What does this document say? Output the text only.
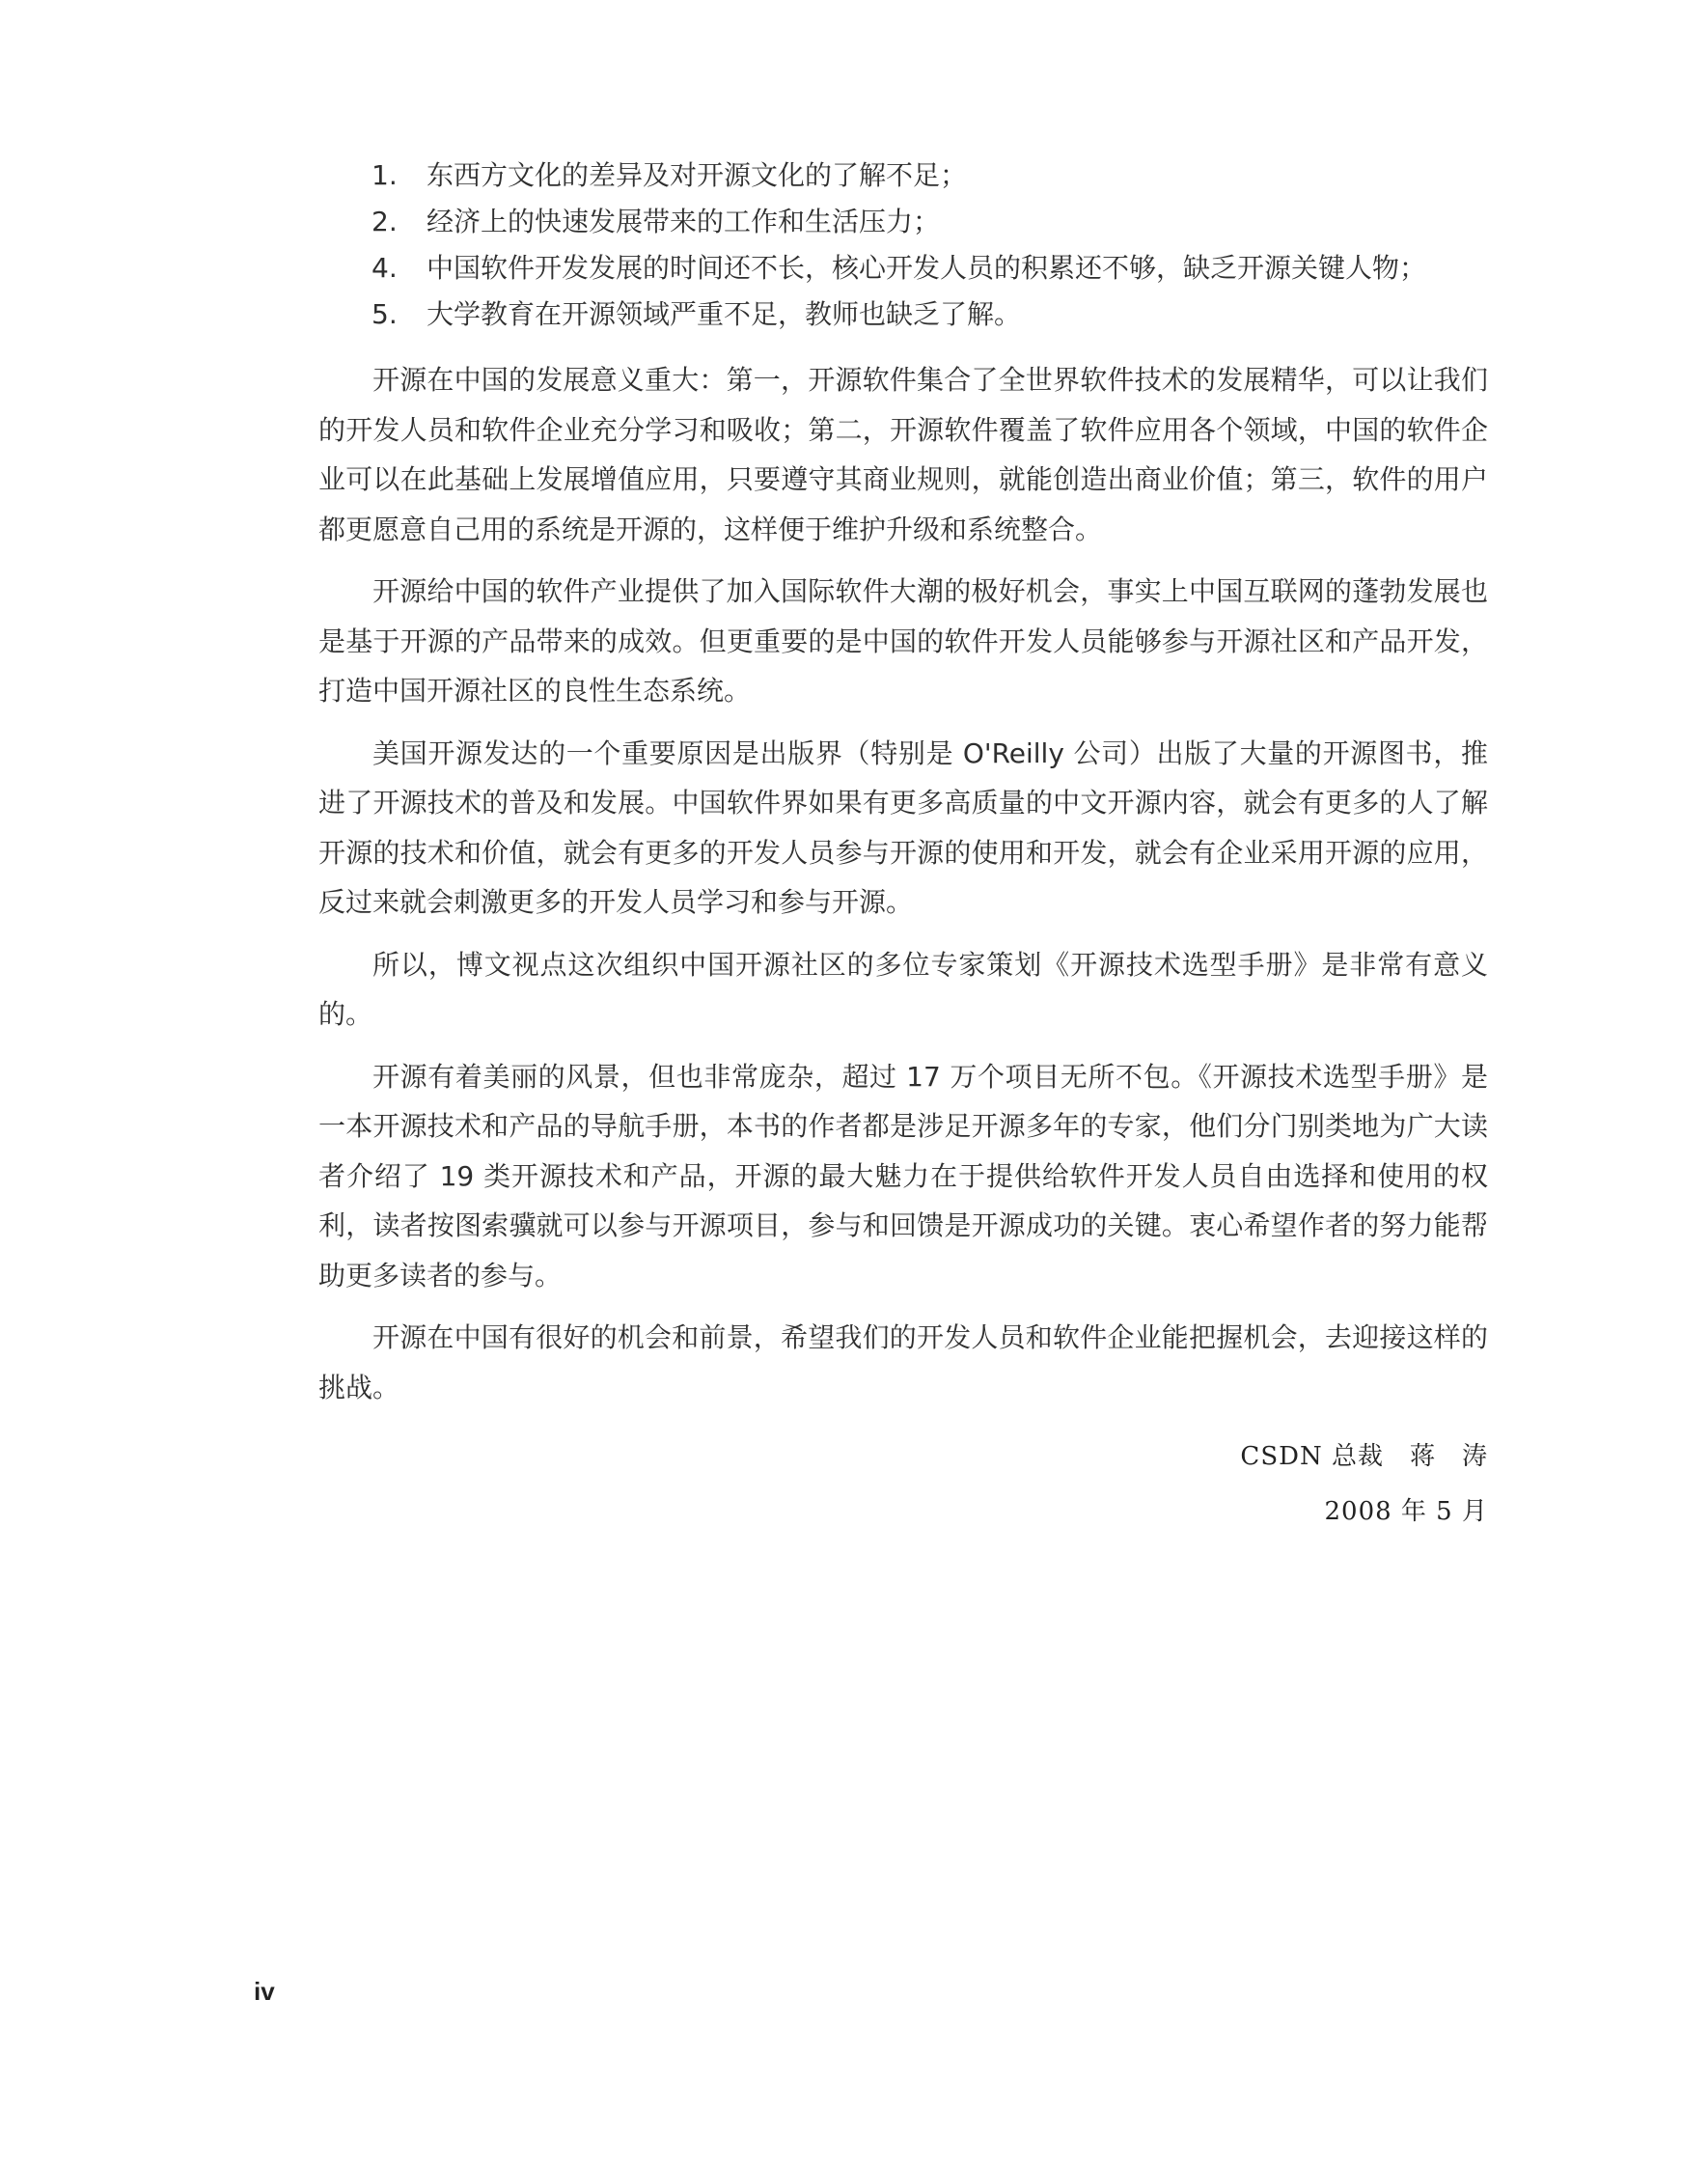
1.	东西方文化的差异及对开源文化的了解不足；
2.	经济上的快速发展带来的工作和生活压力；
4.	中国软件开发发展的时间还不长，核心开发人员的积累还不够，缺乏开源关键人物；
5.	大学教育在开源领域严重不足，教师也缺乏了解。

开源在中国的发展意义重大：第一，开源软件集合了全世界软件技术的发展精华，可以让我们的开发人员和软件企业充分学习和吸收；第二，开源软件覆盖了软件应用各个领域，中国的软件企业可以在此基础上发展增值应用，只要遵守其商业规则，就能创造出商业价值；第三，软件的用户都更愿意自己用的系统是开源的，这样便于维护升级和系统整合。

开源给中国的软件产业提供了加入国际软件大潮的极好机会，事实上中国互联网的蓬勃发展也是基于开源的产品带来的成效。但更重要的是中国的软件开发人员能够参与开源社区和产品开发，打造中国开源社区的良性生态系统。

美国开源发达的一个重要原因是出版界（特别是 O'Reilly 公司）出版了大量的开源图书，推进了开源技术的普及和发展。中国软件界如果有更多高质量的中文开源内容，就会有更多的人了解开源的技术和价值，就会有更多的开发人员参与开源的使用和开发，就会有企业采用开源的应用，反过来就会刺激更多的开发人员学习和参与开源。

所以，博文视点这次组织中国开源社区的多位专家策划《开源技术选型手册》是非常有意义的。

开源有着美丽的风景，但也非常庞杂，超过 17 万个项目无所不包。《开源技术选型手册》是一本开源技术和产品的导航手册，本书的作者都是涉足开源多年的专家，他们分门别类地为广大读者介绍了 19 类开源技术和产品，开源的最大魅力在于提供给软件开发人员自由选择和使用的权利，读者按图索骥就可以参与开源项目，参与和回馈是开源成功的关键。衷心希望作者的努力能帮助更多读者的参与。

开源在中国有很好的机会和前景，希望我们的开发人员和软件企业能把握机会，去迎接这样的挑战。

CSDN 总裁　蒋　涛
2008 年 5 月
iv
